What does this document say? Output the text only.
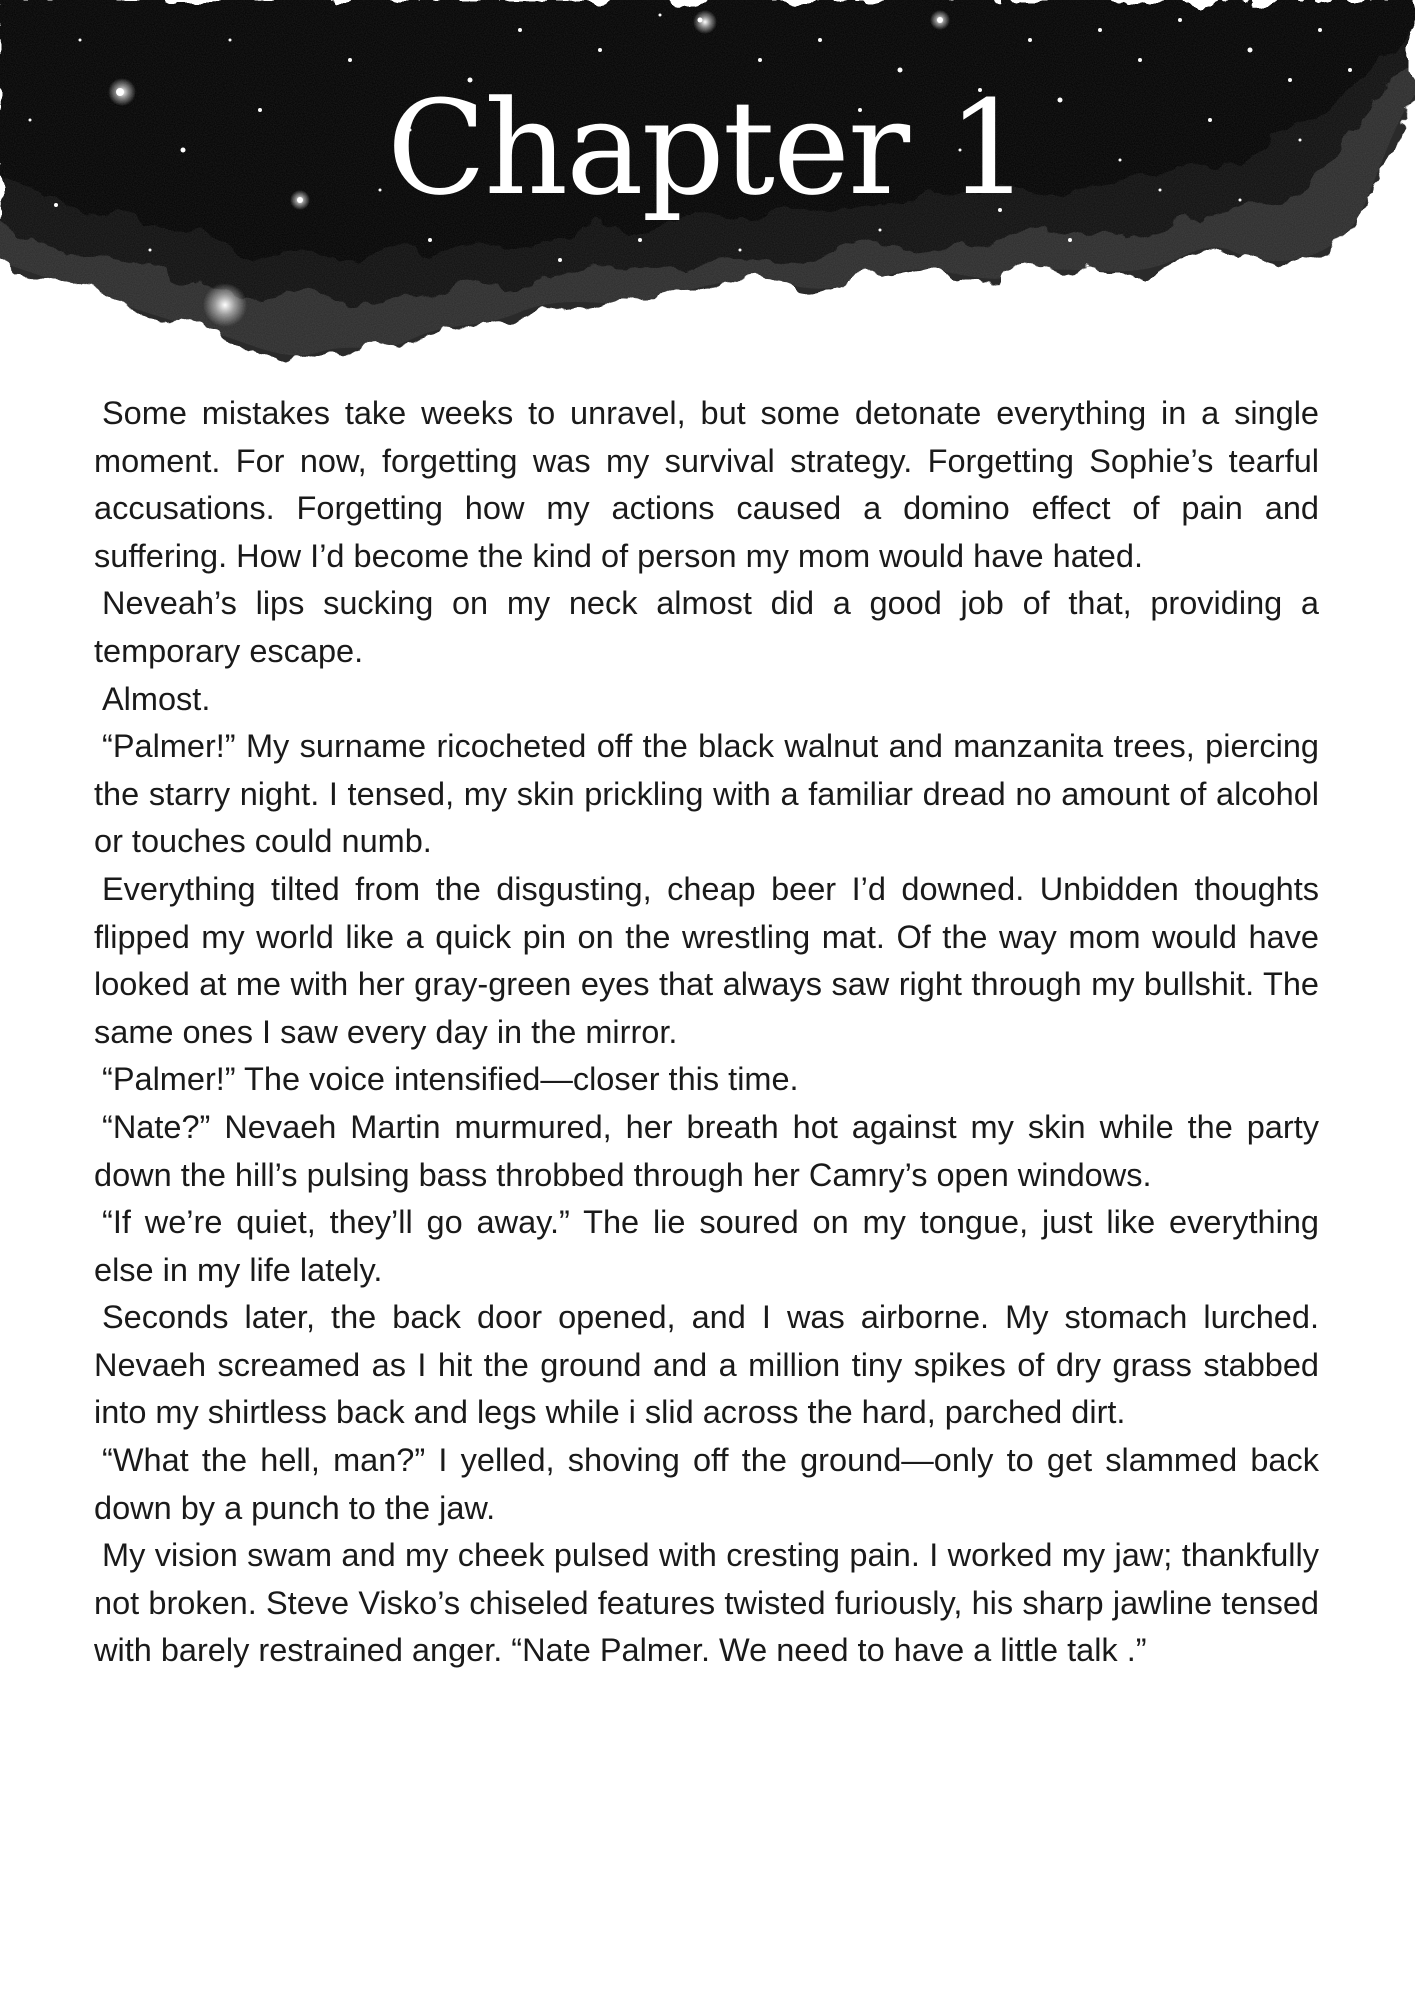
Chapter 1

Some mistakes take weeks to unravel, but some detonate everything in a single moment. For now, forgetting was my survival strategy. Forgetting Sophie’s tearful accusations. Forgetting how my actions caused a domino effect of pain and suffering. How I’d become the kind of person my mom would have hated.

Neveah’s lips sucking on my neck almost did a good job of that, providing a temporary escape.

Almost.

“Palmer!” My surname ricocheted off the black walnut and manzanita trees, piercing the starry night. I tensed, my skin prickling with a familiar dread no amount of alcohol or touches could numb.

Everything tilted from the disgusting, cheap beer I’d downed. Unbidden thoughts flipped my world like a quick pin on the wrestling mat. Of the way mom would have looked at me with her gray-green eyes that always saw right through my bullshit. The same ones I saw every day in the mirror.

“Palmer!” The voice intensified—closer this time.

“Nate?” Nevaeh Martin murmured, her breath hot against my skin while the party down the hill’s pulsing bass throbbed through her Camry’s open windows.

“If we’re quiet, they’ll go away.” The lie soured on my tongue, just like everything else in my life lately.

Seconds later, the back door opened, and I was airborne. My stomach lurched. Nevaeh screamed as I hit the ground and a million tiny spikes of dry grass stabbed into my shirtless back and legs while i slid across the hard, parched dirt.

“What the hell, man?” I yelled, shoving off the ground—only to get slammed back down by a punch to the jaw.

My vision swam and my cheek pulsed with cresting pain. I worked my jaw; thankfully not broken. Steve Visko’s chiseled features twisted furiously, his sharp jawline tensed with barely restrained anger. “Nate Palmer. We need to have a little talk .”
